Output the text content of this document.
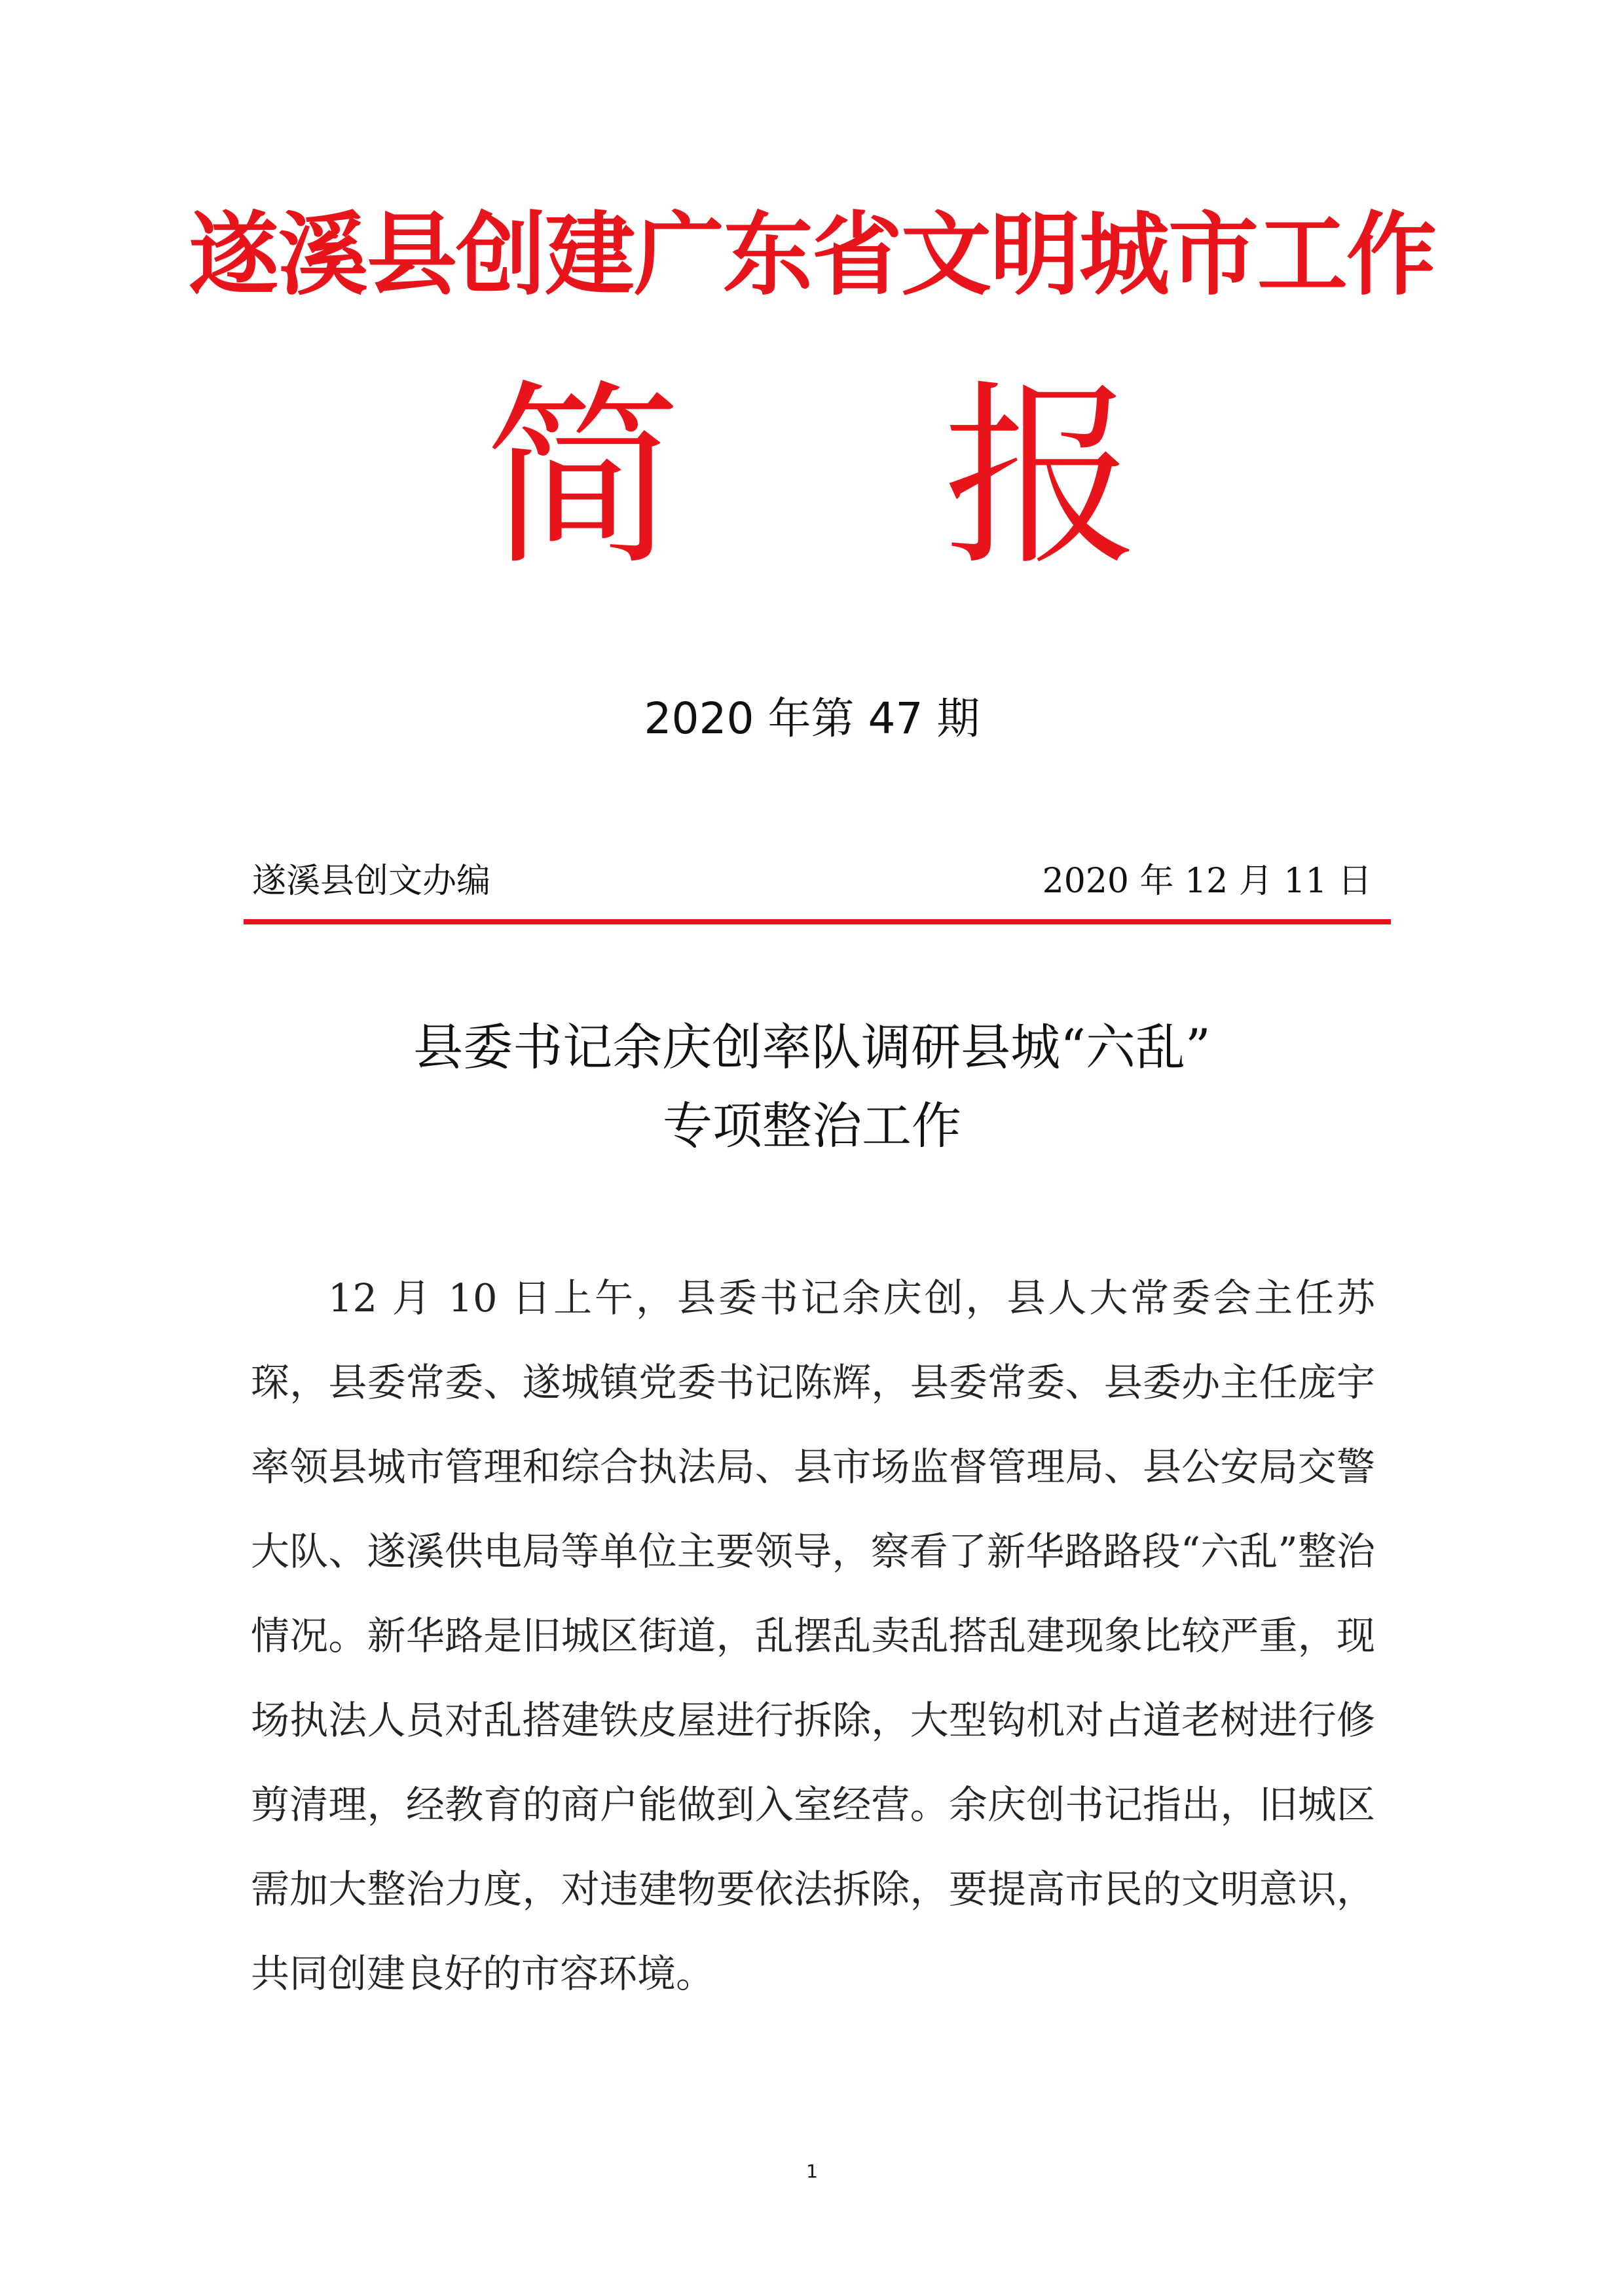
遂溪县创建广东省文明城市工作
简 报
2020 年第 47 期
遂溪县创文办编	2020 年 12 月 11 日
县委书记余庆创率队调研县城“六乱”
专项整治工作

12 月 10 日上午，县委书记余庆创，县人大常委会主任苏琛，县委常委、遂城镇党委书记陈辉，县委常委、县委办主任庞宇率领县城市管理和综合执法局、县市场监督管理局、县公安局交警大队、遂溪供电局等单位主要领导，察看了新华路路段“六乱”整治情况。新华路是旧城区街道，乱摆乱卖乱搭乱建现象比较严重，现场执法人员对乱搭建铁皮屋进行拆除，大型钩机对占道老树进行修剪清理，经教育的商户能做到入室经营。余庆创书记指出，旧城区需加大整治力度，对违建物要依法拆除，要提高市民的文明意识，共同创建良好的市容环境。

1
